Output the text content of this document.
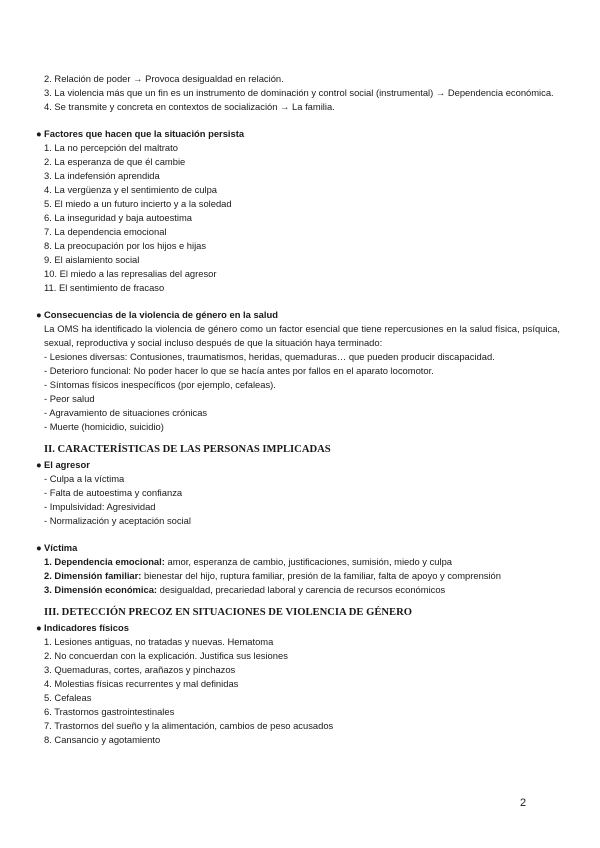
2. Relación de poder → Provoca desigualdad en relación.
3. La violencia más que un fin es un instrumento de dominación y control social (instrumental) → Dependencia económica.
4. Se transmite y concreta en contextos de socialización → La familia.
● Factores que hacen que la situación persista
1. La no percepción del maltrato
2. La esperanza de que él cambie
3. La indefensión aprendida
4. La vergüenza y el sentimiento de culpa
5. El miedo a un futuro incierto y a la soledad
6. La inseguridad y baja autoestima
7. La dependencia emocional
8. La preocupación por los hijos e hijas
9. El aislamiento social
10. El miedo a las represalias del agresor
11. El sentimiento de fracaso
● Consecuencias de la violencia de género en la salud
La OMS ha identificado la violencia de género como un factor esencial que tiene repercusiones en la salud física, psíquica, sexual, reproductiva y social incluso después de que la situación haya terminado:
- Lesiones diversas: Contusiones, traumatismos, heridas, quemaduras… que pueden producir discapacidad.
- Deterioro funcional: No poder hacer lo que se hacía antes por fallos en el aparato locomotor.
- Síntomas físicos inespecíficos (por ejemplo, cefaleas).
- Peor salud
- Agravamiento de situaciones crónicas
- Muerte (homicidio, suicidio)
II. CARACTERÍSTICAS DE LAS PERSONAS IMPLICADAS
● El agresor
- Culpa a la víctima
- Falta de autoestima y confianza
- Impulsividad: Agresividad
- Normalización y aceptación social
● Víctima
1. Dependencia emocional: amor, esperanza de cambio, justificaciones, sumisión, miedo y culpa
2. Dimensión familiar: bienestar del hijo, ruptura familiar, presión de la familiar, falta de apoyo y comprensión
3. Dimensión económica: desigualdad, precariedad laboral y carencia de recursos económicos
III. DETECCIÓN PRECOZ EN SITUACIONES DE VIOLENCIA DE GÉNERO
● Indicadores físicos
1. Lesiones antiguas, no tratadas y nuevas. Hematoma
2. No concuerdan con la explicación. Justifica sus lesiones
3. Quemaduras, cortes, arañazos y pinchazos
4. Molestias físicas recurrentes y mal definidas
5. Cefaleas
6. Trastornos gastrointestinales
7. Trastornos del sueño y la alimentación, cambios de peso acusados
8. Cansancio y agotamiento
2
